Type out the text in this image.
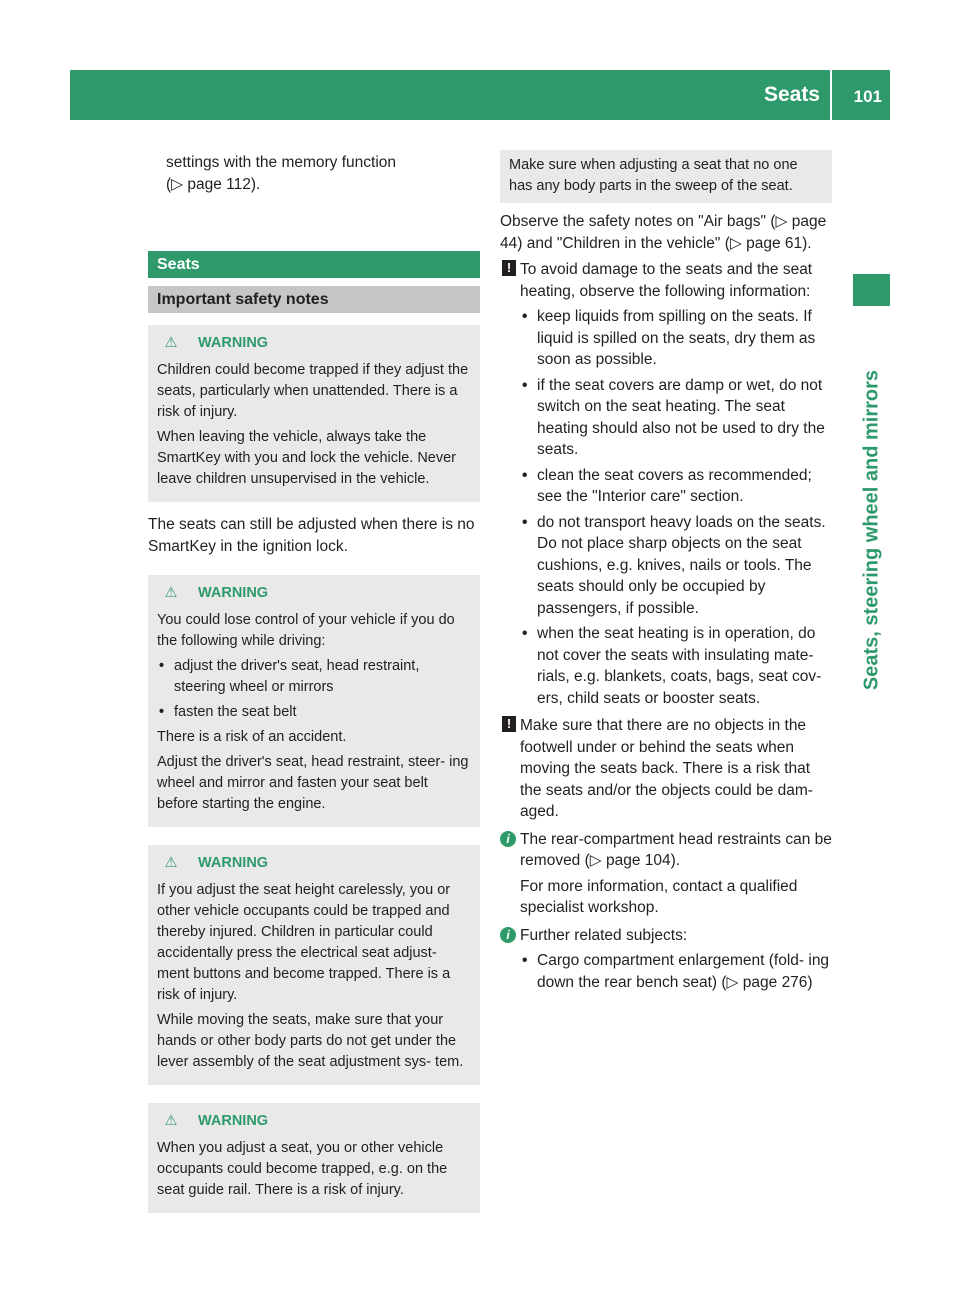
Seats 101
Seats, steering wheel and mirrors
settings with the memory function
(▷ page 112).
Seats
Important safety notes

⚠ WARNING

Children could become trapped if they adjust the seats, particularly when unattended. There is a risk of injury.

When leaving the vehicle, always take the SmartKey with you and lock the vehicle. Never leave children unsupervised in the vehicle.

The seats can still be adjusted when there is no SmartKey in the ignition lock.

⚠ WARNING

You could lose control of your vehicle if you do the following while driving:

• adjust the driver's seat, head restraint, steering wheel or mirrors
• fasten the seat belt

There is a risk of an accident.

Adjust the driver's seat, head restraint, steer- ing wheel and mirror and fasten your seat belt before starting the engine.

⚠ WARNING

If you adjust the seat height carelessly, you or other vehicle occupants could be trapped and thereby injured. Children in particular could accidentally press the electrical seat adjust- ment buttons and become trapped. There is a risk of injury.

While moving the seats, make sure that your hands or other body parts do not get under the lever assembly of the seat adjustment sys- tem.

⚠ WARNING

When you adjust a seat, you or other vehicle occupants could become trapped, e.g. on the seat guide rail. There is a risk of injury.

Make sure when adjusting a seat that no one has any body parts in the sweep of the seat.

Observe the safety notes on "Air bags" (▷ page 44) and "Children in the vehicle" (▷ page 61).

! To avoid damage to the seats and the seat heating, observe the following information:

• keep liquids from spilling on the seats. If liquid is spilled on the seats, dry them as soon as possible.
• if the seat covers are damp or wet, do not switch on the seat heating. The seat heating should also not be used to dry the seats.
• clean the seat covers as recommended; see the "Interior care" section.
• do not transport heavy loads on the seats. Do not place sharp objects on the seat cushions, e.g. knives, nails or tools. The seats should only be occupied by passengers, if possible.
• when the seat heating is in operation, do not cover the seats with insulating mate- rials, e.g. blankets, coats, bags, seat cov- ers, child seats or booster seats.
! Make sure that there are no objects in the footwell under or behind the seats when moving the seats back. There is a risk that the seats and/or the objects could be dam- aged.

i The rear-compartment head restraints can be removed (▷ page 104).

For more information, contact a qualified specialist workshop.

i Further related subjects:

• Cargo compartment enlargement (fold- ing down the rear bench seat) (▷ page 276)
